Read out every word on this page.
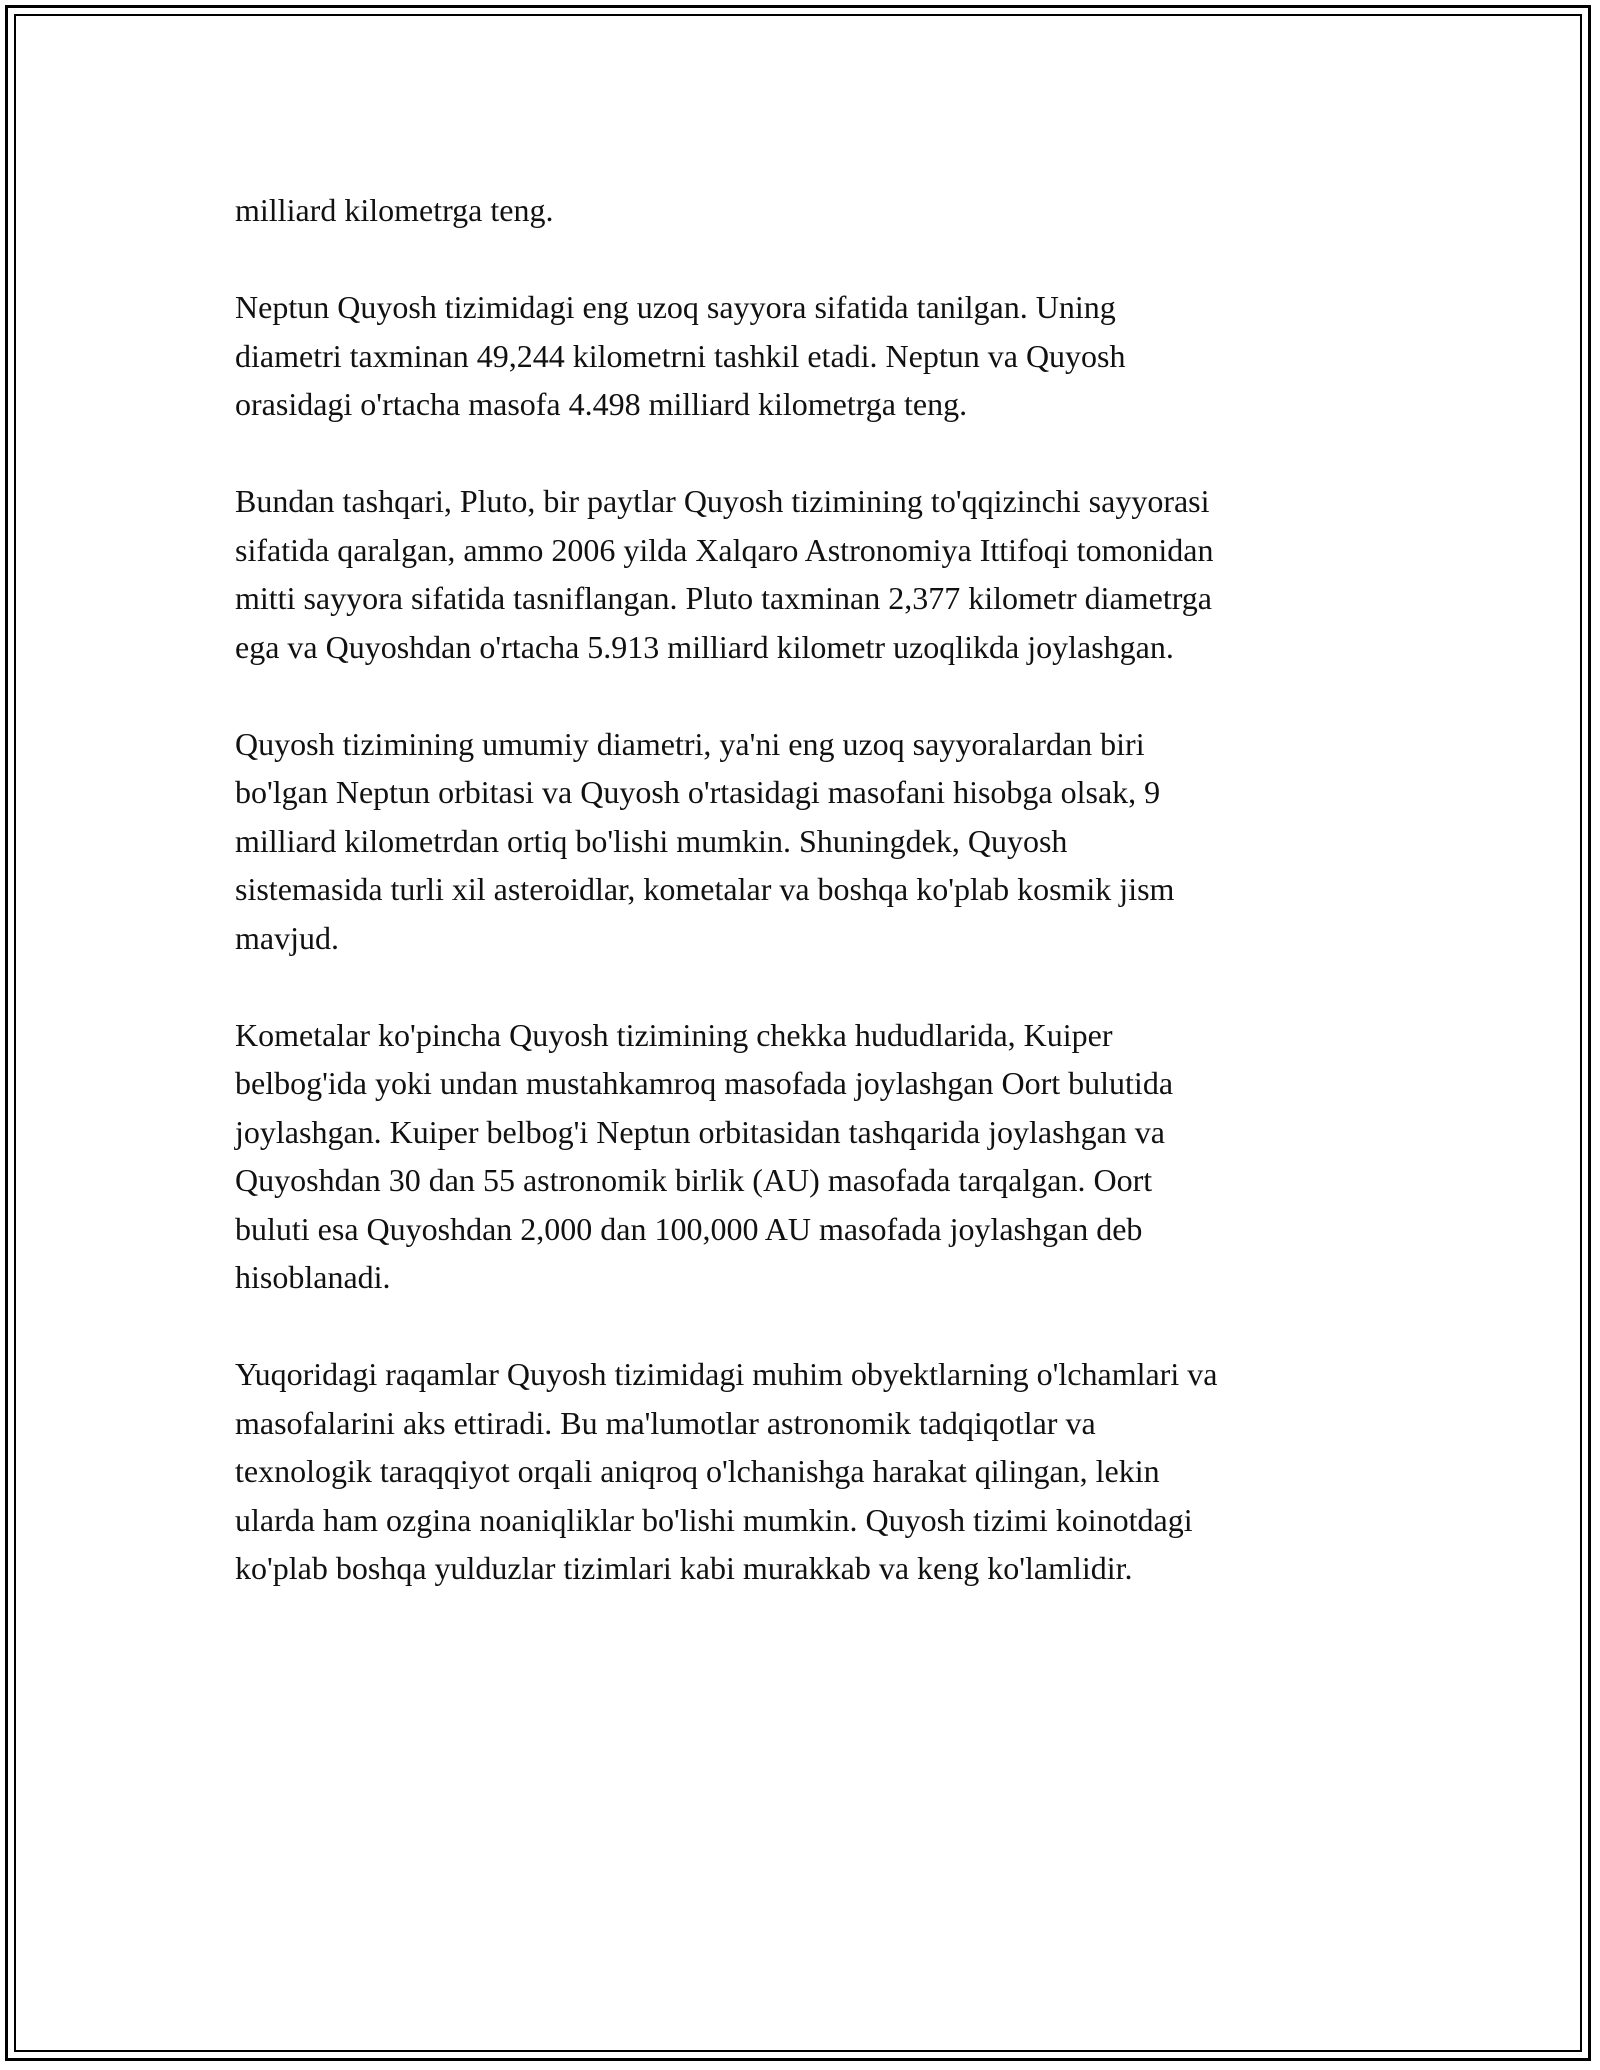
milliard kilometrga teng.

Neptun Quyosh tizimidagi eng uzoq sayyora sifatida tanilgan. Uning
diametri taxminan 49,244 kilometrni tashkil etadi. Neptun va Quyosh
orasidagi o'rtacha masofa 4.498 milliard kilometrga teng.

Bundan tashqari, Pluto, bir paytlar Quyosh tizimining to'qqizinchi sayyorasi
sifatida qaralgan, ammo 2006 yilda Xalqaro Astronomiya Ittifoqi tomonidan
mitti sayyora sifatida tasniflangan. Pluto taxminan 2,377 kilometr diametrga
ega va Quyoshdan o'rtacha 5.913 milliard kilometr uzoqlikda joylashgan.

Quyosh tizimining umumiy diametri, ya'ni eng uzoq sayyoralardan biri
bo'lgan Neptun orbitasi va Quyosh o'rtasidagi masofani hisobga olsak, 9
milliard kilometrdan ortiq bo'lishi mumkin. Shuningdek, Quyosh
sistemasida turli xil asteroidlar, kometalar va boshqa ko'plab kosmik jism
mavjud.

Kometalar ko'pincha Quyosh tizimining chekka hududlarida, Kuiper
belbog'ida yoki undan mustahkamroq masofada joylashgan Oort bulutida
joylashgan. Kuiper belbog'i Neptun orbitasidan tashqarida joylashgan va
Quyoshdan 30 dan 55 astronomik birlik (AU) masofada tarqalgan. Oort
buluti esa Quyoshdan 2,000 dan 100,000 AU masofada joylashgan deb
hisoblanadi.

Yuqoridagi raqamlar Quyosh tizimidagi muhim obyektlarning o'lchamlari va
masofalarini aks ettiradi. Bu ma'lumotlar astronomik tadqiqotlar va
texnologik taraqqiyot orqali aniqroq o'lchanishga harakat qilingan, lekin
ularda ham ozgina noaniqliklar bo'lishi mumkin. Quyosh tizimi koinotdagi
ko'plab boshqa yulduzlar tizimlari kabi murakkab va keng ko'lamlidir.
